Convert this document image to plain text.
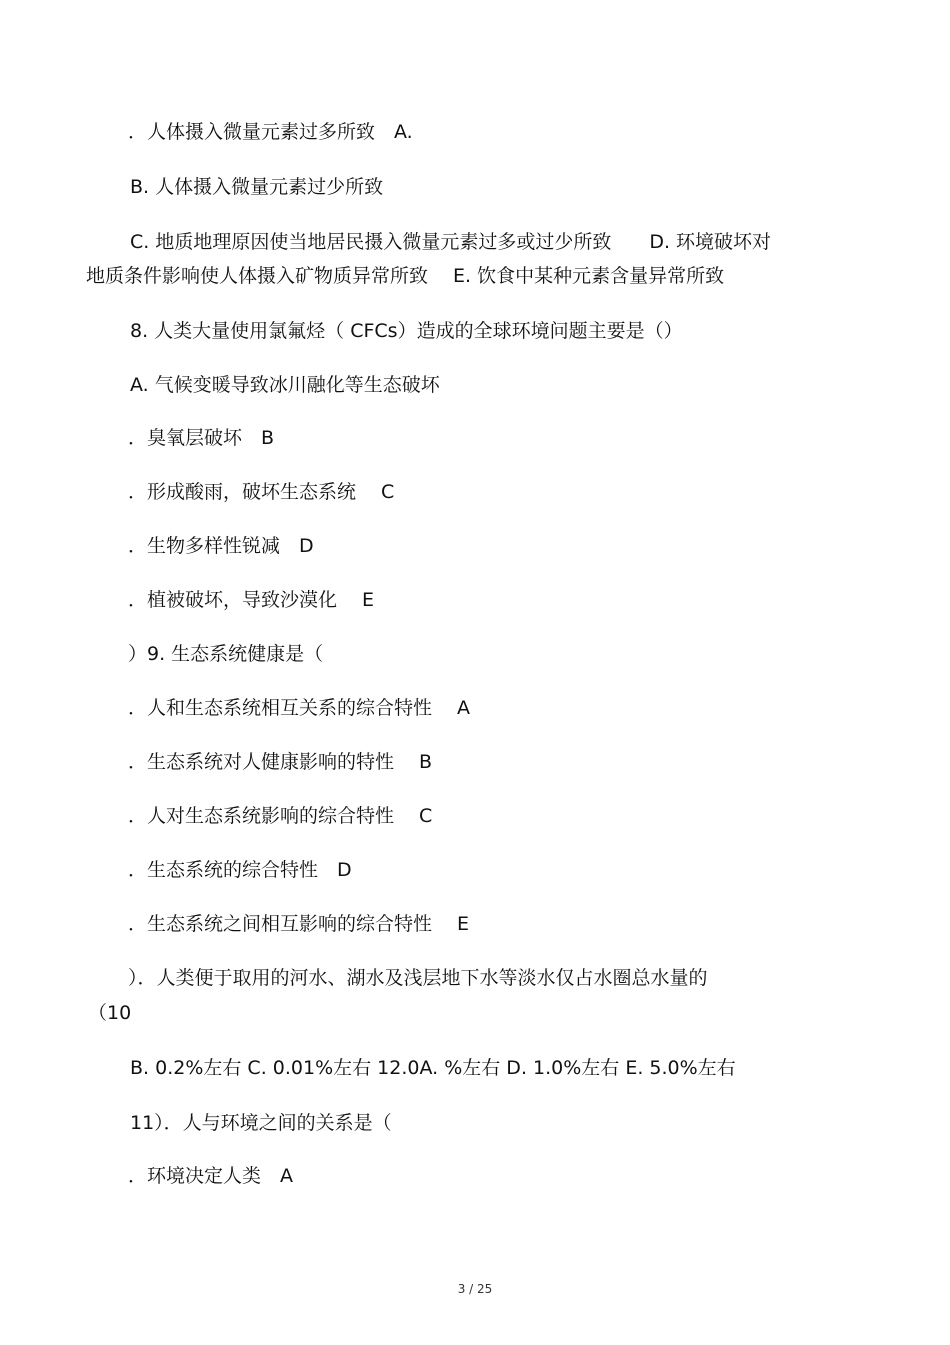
．人体摄入微量元素过多所致　A.
B. 人体摄入微量元素过少所致
C. 地质地理原因使当地居民摄入微量元素过多或过少所致　　D. 环境破坏对
地质条件影响使人体摄入矿物质异常所致　 E. 饮食中某种元素含量异常所致
8. 人类大量使用氯氟烃（ CFCs）造成的全球环境问题主要是（）
A. 气候变暖导致冰川融化等生态破坏
．臭氧层破坏　B
．形成酸雨，破坏生态系统　 C
．生物多样性锐减　D
．植被破坏，导致沙漠化　 E
）9. 生态系统健康是（
．人和生态系统相互关系的综合特性　 A
．生态系统对人健康影响的特性　 B
．人对生态系统影响的综合特性　 C
．生态系统的综合特性　D
．生态系统之间相互影响的综合特性　 E
）．人类便于取用的河水、湖水及浅层地下水等淡水仅占水圈总水量的
（10
B. 0.2%左右 C. 0.01%左右 12.0A. %左右 D. 1.0%左右 E. 5.0%左右
11）．人与环境之间的关系是（
．环境决定人类　A
3 / 25
